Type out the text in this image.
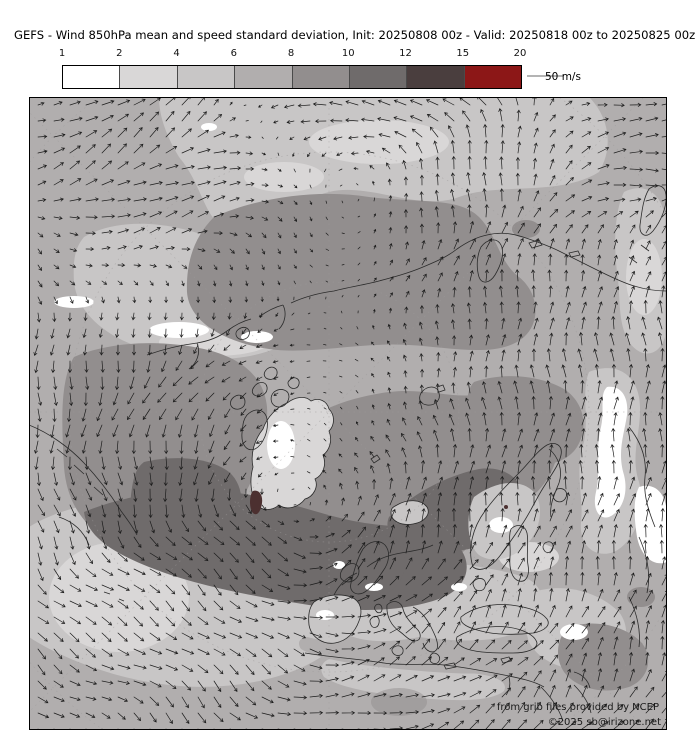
GEFS - Wind 850hPa mean and speed standard deviation, Init: 20250808 00z - Valid: 20250818 00z to 20250825 00z
1	2	4	6	8	10	12	15	20
50 m/s
from grib files provided by NCEP
©2025 sb@irizone.net
